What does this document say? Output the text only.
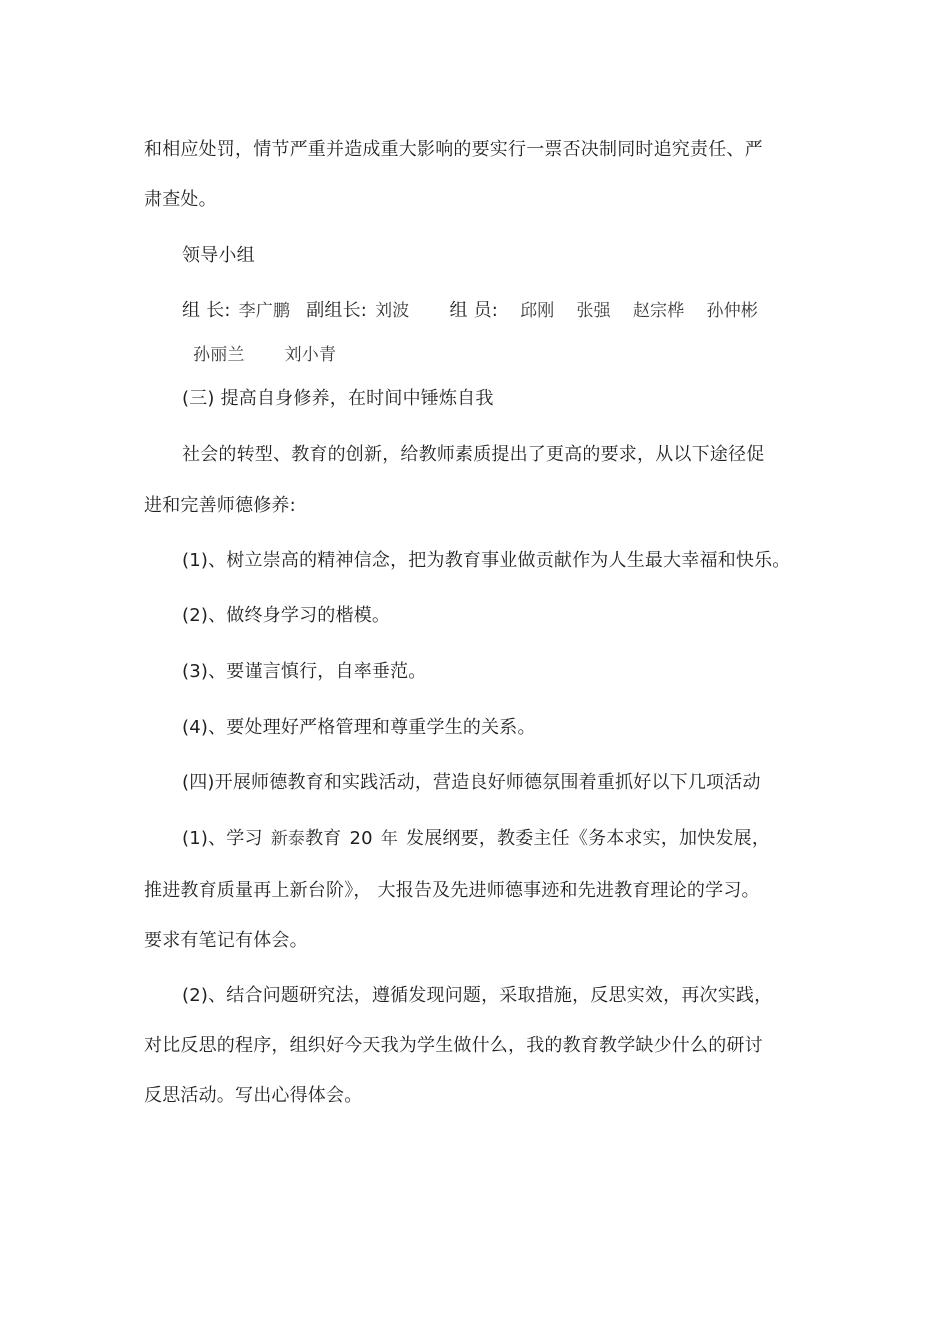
和相应处罚，情节严重并造成重大影响的要实行一票否决制同时追究责任、严
肃查处。
领导小组
组 长: 李广鹏 副组长: 刘波 组 员: 邱刚 张强 赵宗桦 孙仲彬
孙丽兰 刘小青
(三) 提高自身修养，在时间中锤炼自我
社会的转型、教育的创新，给教师素质提出了更高的要求，从以下途径促
进和完善师德修养:
(1)、树立崇高的精神信念，把为教育事业做贡献作为人生最大幸福和快乐。
(2)、做终身学习的楷模。
(3)、要谨言慎行，自率垂范。
(4)、要处理好严格管理和尊重学生的关系。
(四)开展师德教育和实践活动，营造良好师德氛围着重抓好以下几项活动
(1)、学习 新泰教育 20 年 发展纲要，教委主任《务本求实，加快发展，
推进教育质量再上新台阶》， 大报告及先进师德事迹和先进教育理论的学习。
要求有笔记有体会。
(2)、结合问题研究法，遵循发现问题，采取措施，反思实效，再次实践，
对比反思的程序，组织好今天我为学生做什么，我的教育教学缺少什么的研讨
反思活动。写出心得体会。
